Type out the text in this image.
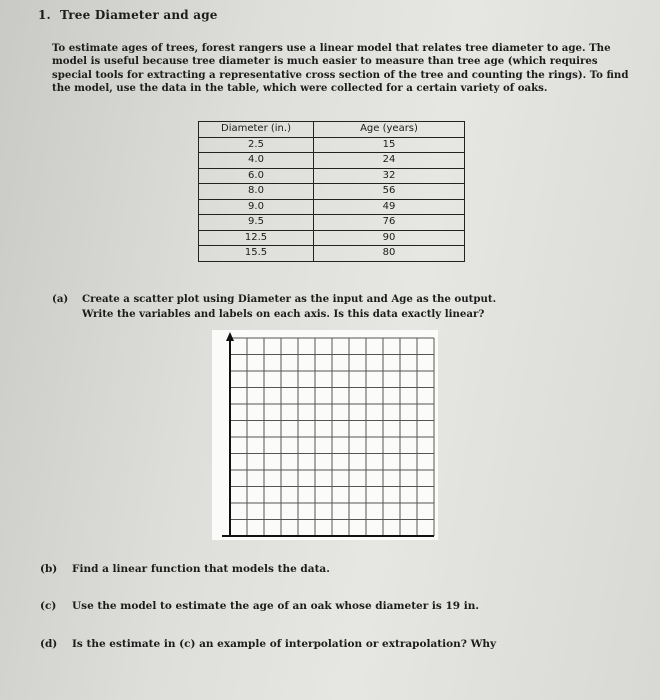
1. Tree Diameter and age

To estimate ages of trees, forest rangers use a linear model that relates tree diameter to age. The model is useful because tree diameter is much easier to measure than tree age (which requires special tools for extracting a representative cross section of the tree and counting the rings). To find the model, use the data in the table, which were collected for a certain variety of oaks.

Diameter (in.)	Age (years)
2.5	15
4.0	24
6.0	32
8.0	56
9.0	49
9.5	76
12.5	90
15.5	80
(a) Create a scatter plot using Diameter as the input and Age as the output.
Write the variables and labels on each axis. Is this data exactly linear?
(b) Find a linear function that models the data.
(c) Use the model to estimate the age of an oak whose diameter is 19 in.
(d) Is the estimate in (c) an example of interpolation or extrapolation? Why
